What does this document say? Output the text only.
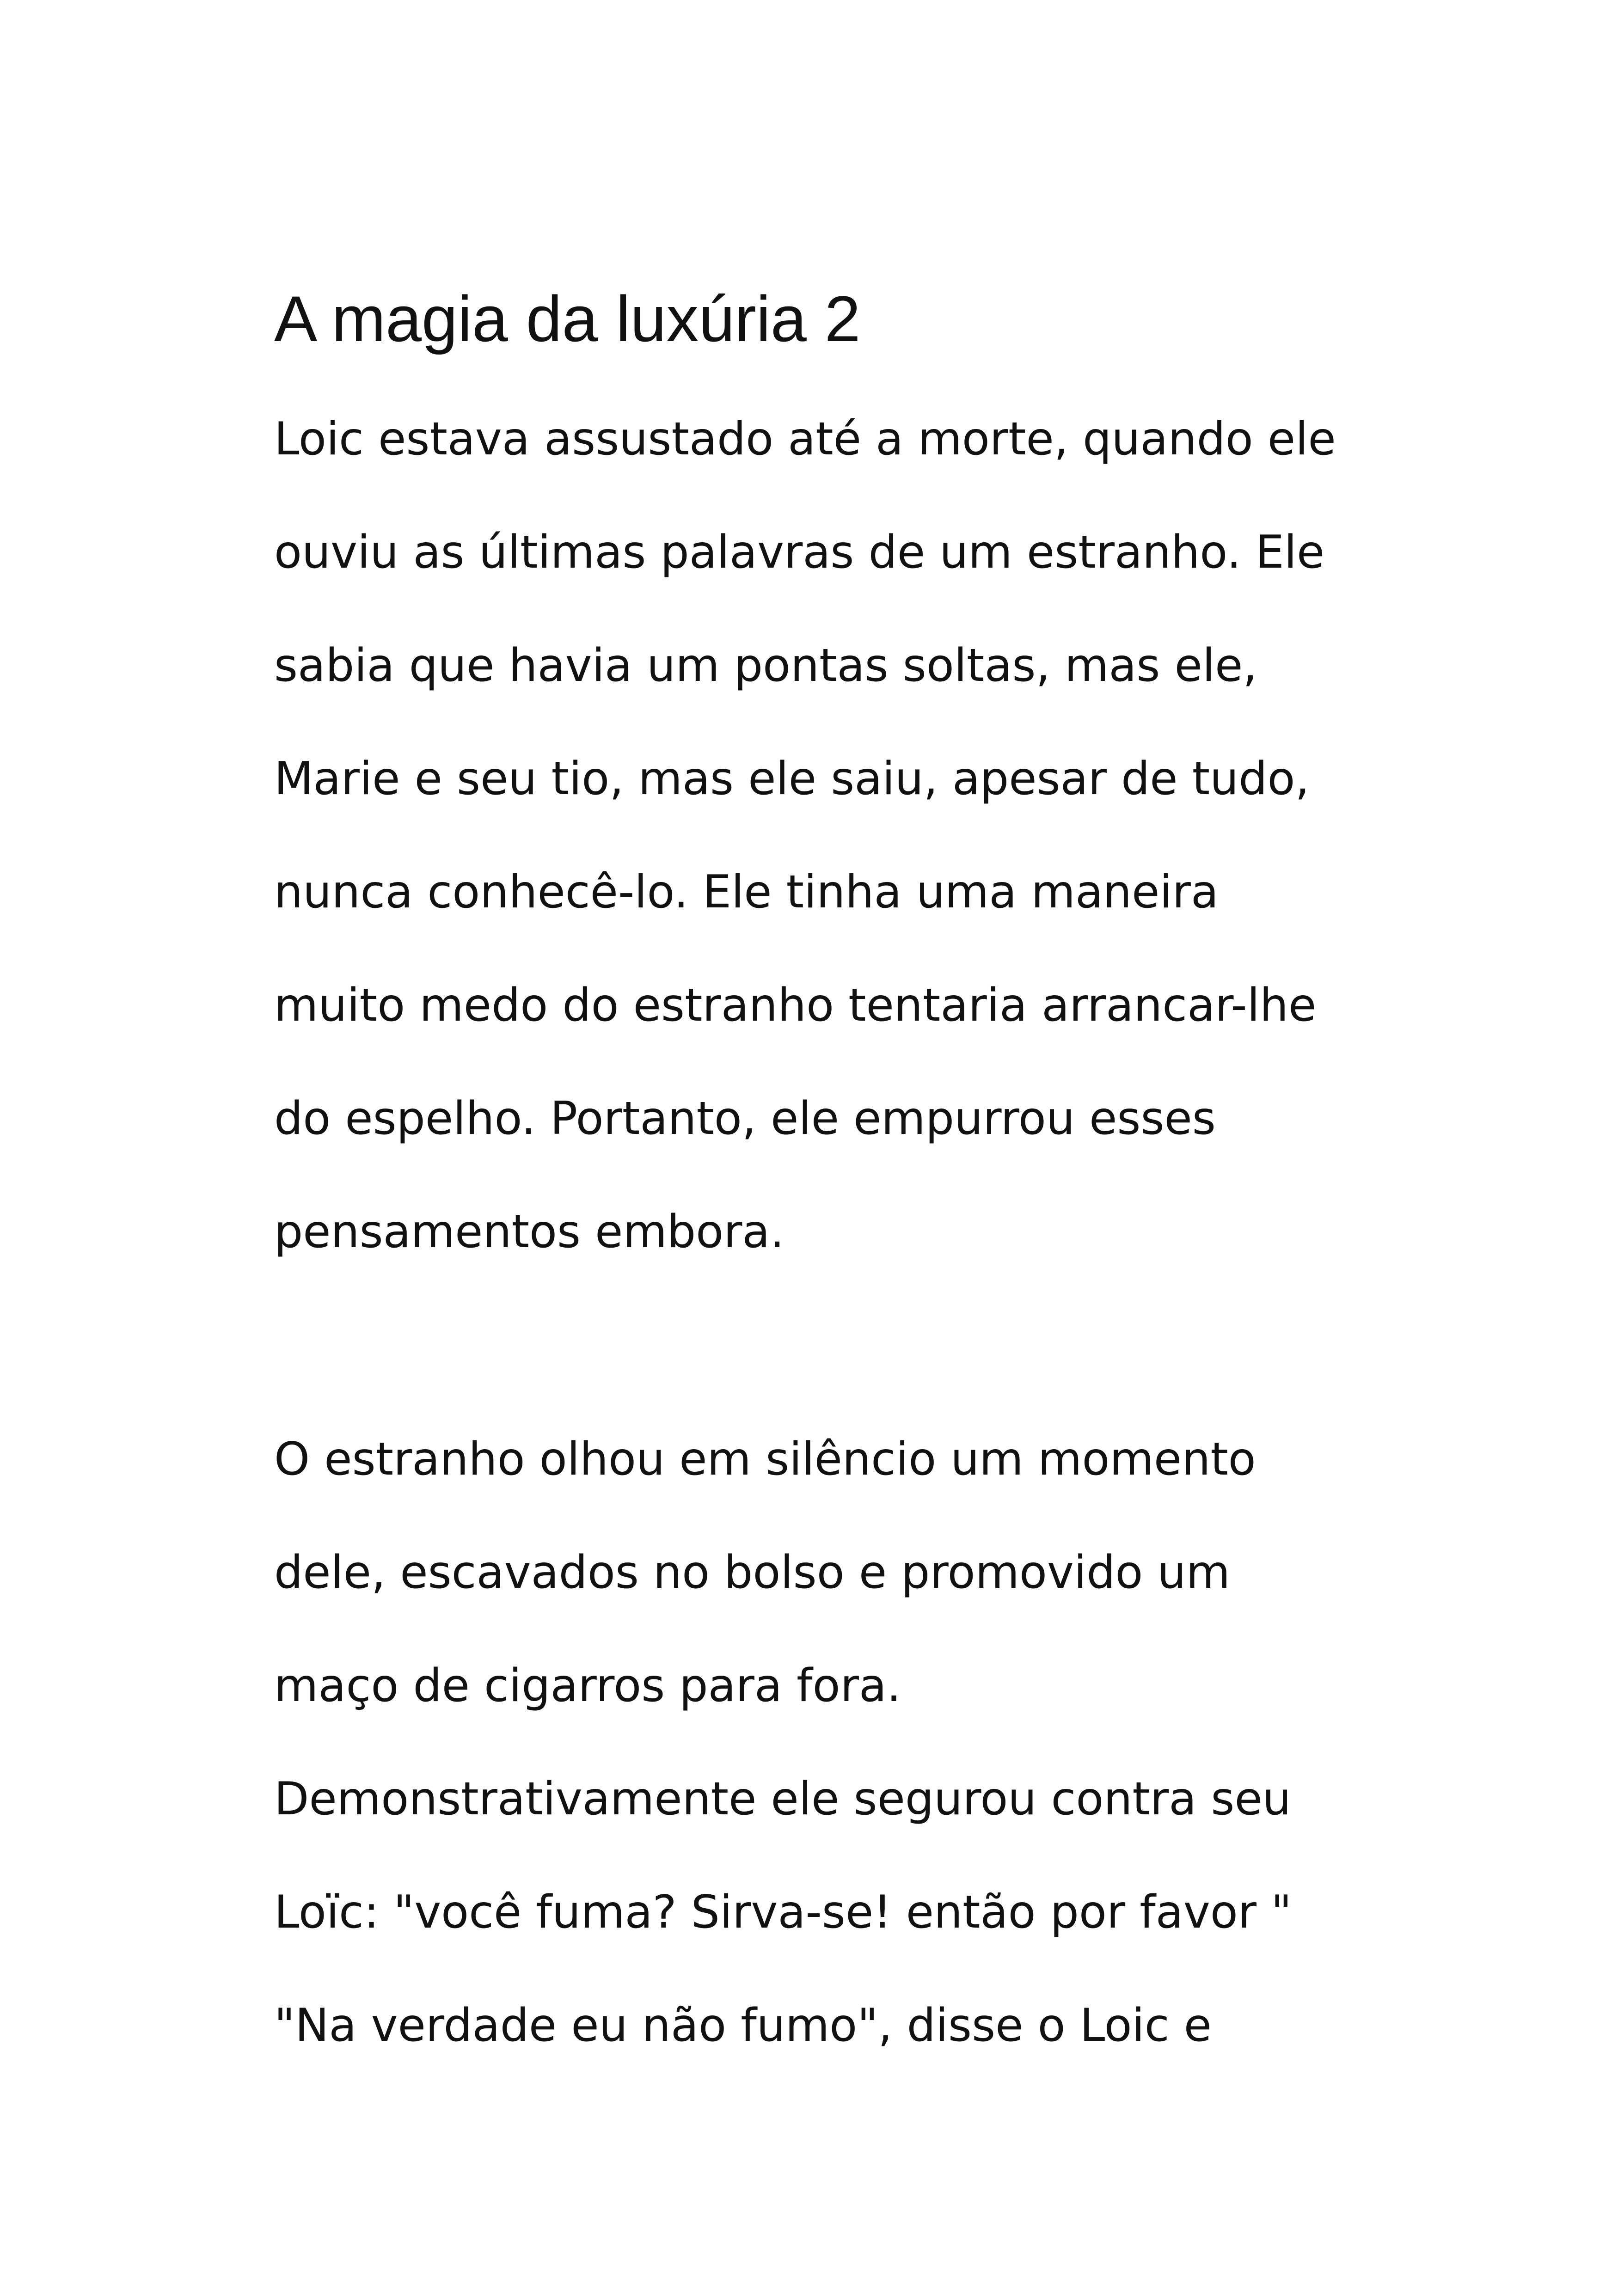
A magia da luxúria 2

Loic estava assustado até a morte, quando ele

ouviu as últimas palavras de um estranho. Ele

sabia que havia um pontas soltas, mas ele,

Marie e seu tio, mas ele saiu, apesar de tudo,

nunca conhecê-lo. Ele tinha uma maneira

muito medo do estranho tentaria arrancar-lhe

do espelho. Portanto, ele empurrou esses

pensamentos embora.

O estranho olhou em silêncio um momento

dele, escavados no bolso e promovido um

maço de cigarros para fora.

Demonstrativamente ele segurou contra seu

Loïc: "você fuma? Sirva-se! então por favor "

"Na verdade eu não fumo", disse o Loic e
